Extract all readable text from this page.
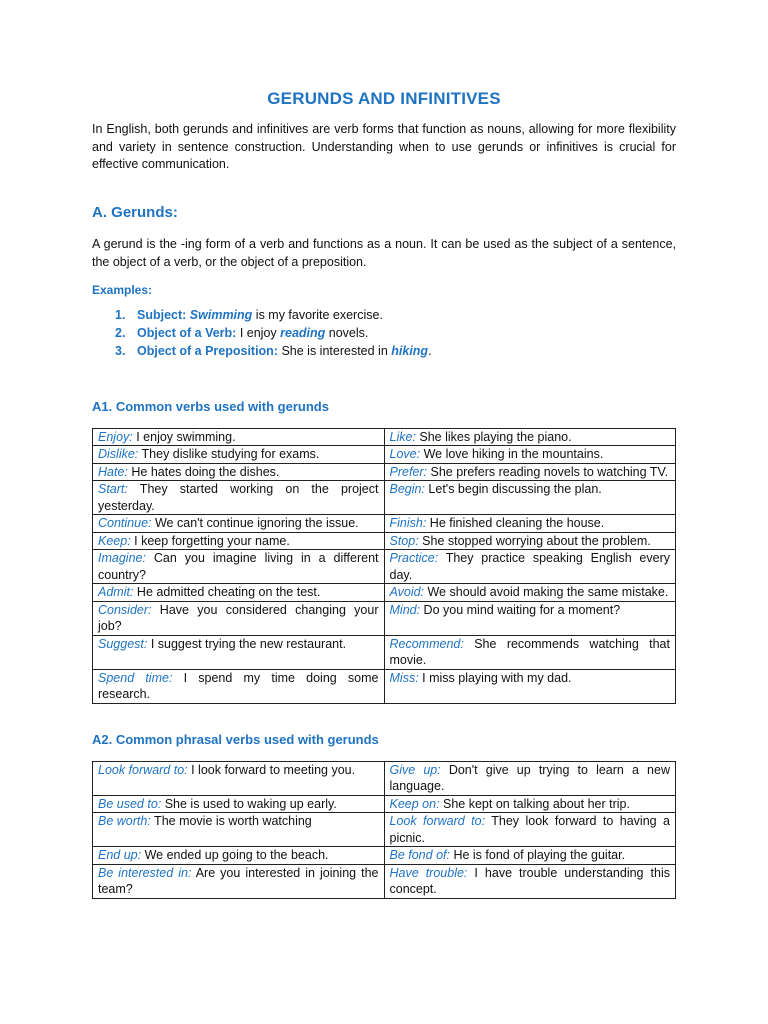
GERUNDS AND INFINITIVES

In English, both gerunds and infinitives are verb forms that function as nouns, allowing for more flexibility and variety in sentence construction. Understanding when to use gerunds or infinitives is crucial for effective communication.

A. Gerunds:

A gerund is the -ing form of a verb and functions as a noun. It can be used as the subject of a sentence, the object of a verb, or the object of a preposition.

Examples:
1. Subject: Swimming is my favorite exercise.
2. Object of a Verb: I enjoy reading novels.
3. Object of a Preposition: She is interested in hiking.
A1. Common verbs used with gerunds
Enjoy: I enjoy swimming.	Like: She likes playing the piano.
Dislike: They dislike studying for exams.	Love: We love hiking in the mountains.
Hate: He hates doing the dishes.	Prefer: She prefers reading novels to watching TV.
Start: They started working on the project yesterday.	Begin: Let's begin discussing the plan.
Continue: We can't continue ignoring the issue.	Finish: He finished cleaning the house.
Keep: I keep forgetting your name.	Stop: She stopped worrying about the problem.
Imagine: Can you imagine living in a different country?	Practice: They practice speaking English every day.
Admit: He admitted cheating on the test.	Avoid: We should avoid making the same mistake.
Consider: Have you considered changing your job?	Mind: Do you mind waiting for a moment?
Suggest: I suggest trying the new restaurant.	Recommend: She recommends watching that movie.
Spend time: I spend my time doing some research.	Miss: I miss playing with my dad.
A2. Common phrasal verbs used with gerunds
Look forward to: I look forward to meeting you.	Give up: Don't give up trying to learn a new language.
Be used to: She is used to waking up early.	Keep on: She kept on talking about her trip.
Be worth: The movie is worth watching	Look forward to: They look forward to having a picnic.
End up: We ended up going to the beach.	Be fond of: He is fond of playing the guitar.
Be interested in: Are you interested in joining the team?	Have trouble: I have trouble understanding this concept.
